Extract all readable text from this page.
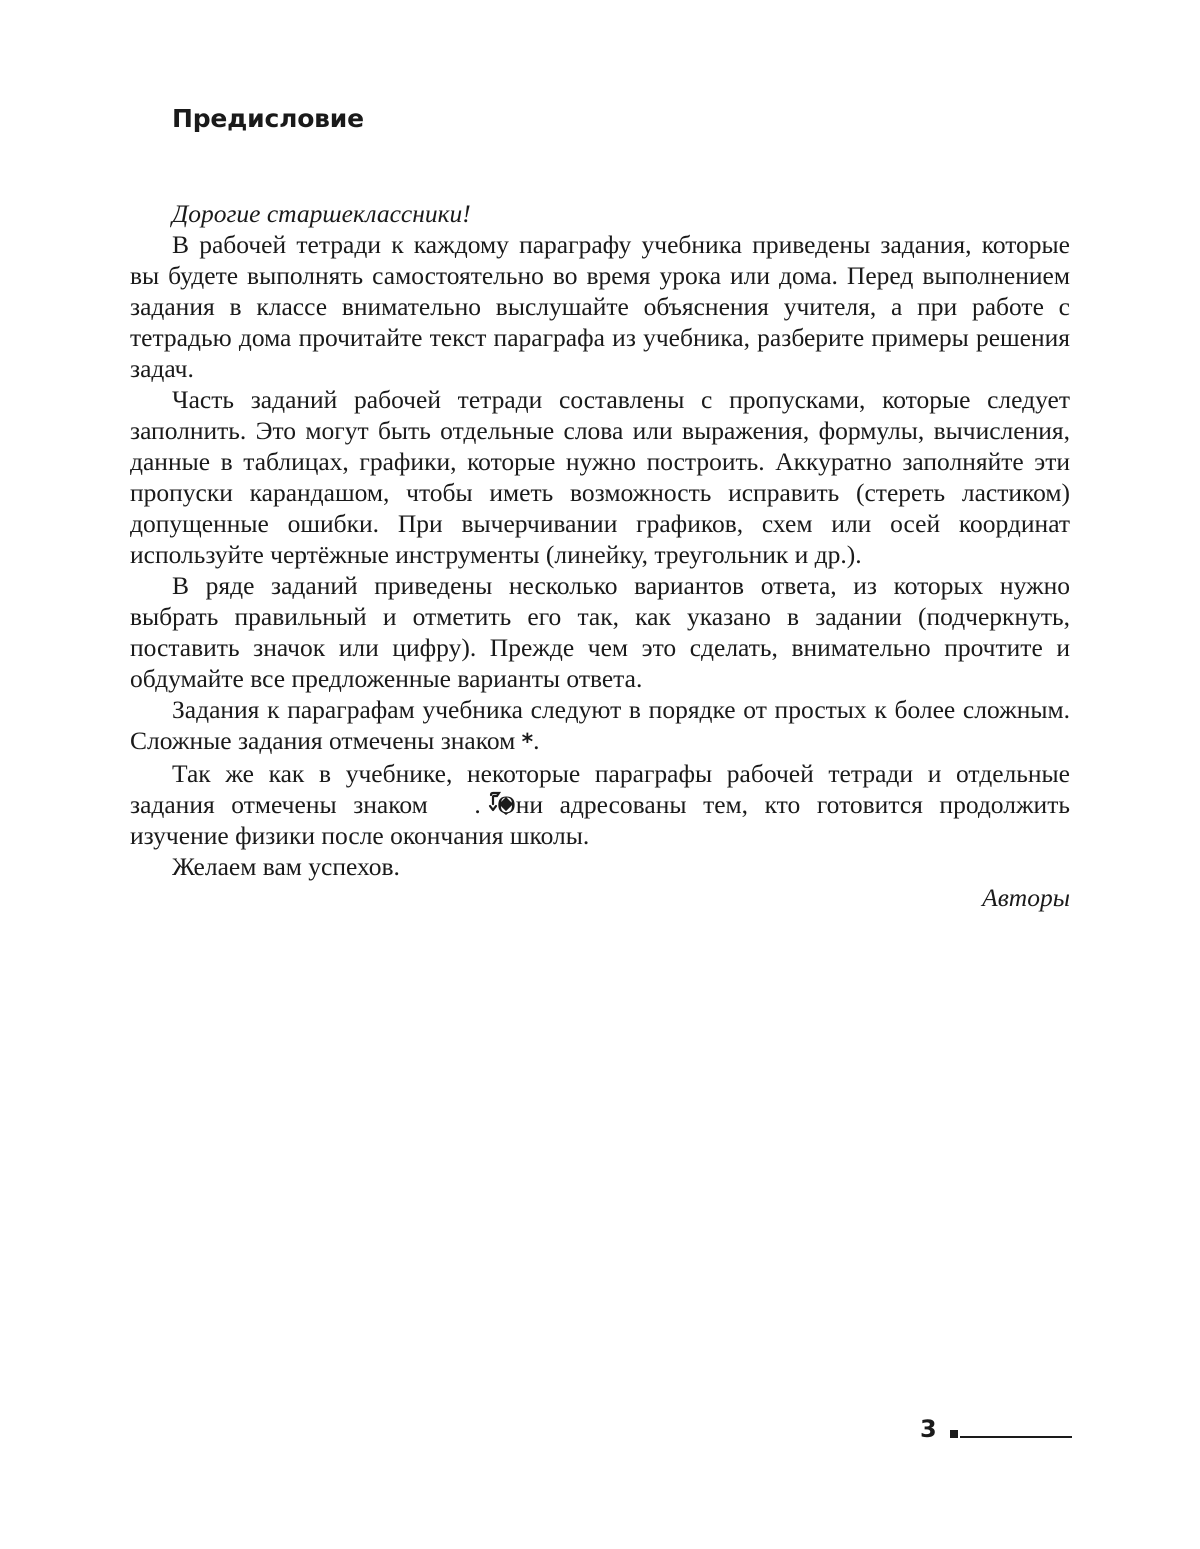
Предисловие

Дорогие старшеклассники!

В рабочей тетради к каждому параграфу учебника приведены задания, которые вы будете выполнять самостоятельно во время урока или дома. Перед выполнением задания в классе внимательно выслушайте объяснения учителя, а при работе с тетрадью дома прочитайте текст параграфа из учебника, разберите примеры решения задач.

Часть заданий рабочей тетради составлены с пропусками, которые следует заполнить. Это могут быть отдельные слова или выражения, формулы, вычисления, данные в таблицах, графики, которые нужно построить. Аккуратно заполняйте эти пропуски карандашом, чтобы иметь возможность исправить (стереть ластиком) допущенные ошибки. При вычерчивании графиков, схем или осей координат используйте чертёжные инструменты (линейку, треугольник и др.).

В ряде заданий приведены несколько вариантов ответа, из которых нужно выбрать правильный и отметить его так, как указано в задании (подчеркнуть, поставить значок или цифру). Прежде чем это сделать, внимательно прочтите и обдумайте все предложенные варианты ответа.

Задания к параграфам учебника следуют в порядке от простых к более сложным. Сложные задания отмечены знаком *.

Так же как в учебнике, некоторые параграфы рабочей тетради и отдельные задания отмечены знаком . Они адресованы тем, кто готовится продолжить изучение физики после окончания школы.

Желаем вам успехов.

Авторы

3
